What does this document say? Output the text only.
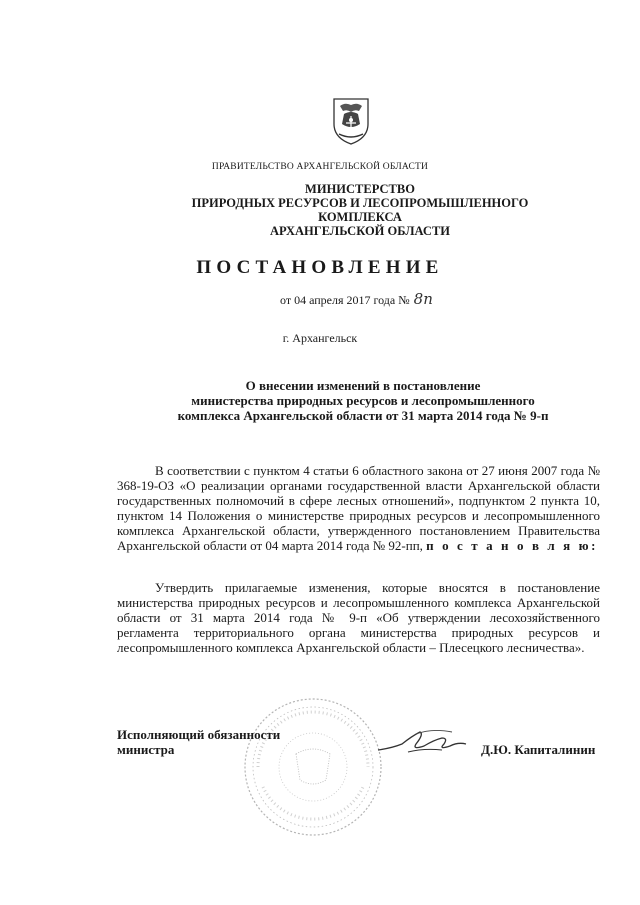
ПРАВИТЕЛЬСТВО АРХАНГЕЛЬСКОЙ ОБЛАСТИ
МИНИСТЕРСТВО
ПРИРОДНЫХ РЕСУРСОВ И ЛЕСОПРОМЫШЛЕННОГО КОМПЛЕКСА
АРХАНГЕЛЬСКОЙ ОБЛАСТИ
ПОСТАНОВЛЕНИЕ
от 04 апреля 2017 года № 8п
г. Архангельск
О внесении изменений в постановление
министерства природных ресурсов и лесопромышленного
комплекса Архангельской области от 31 марта 2014 года № 9-п
В соответствии с пунктом 4 статьи 6 областного закона от 27 июня 2007 года № 368-19-ОЗ «О реализации органами государственной власти Архангельской области государственных полномочий в сфере лесных отношений», подпунктом 2 пункта 10, пунктом 14 Положения о министерстве природных ресурсов и лесопромышленного комплекса Архангельской области, утвержденного постановлением Правительства Архангельской области от 04 марта 2014 года № 92-пп, п о с т а н о в л я ю:
Утвердить прилагаемые изменения, которые вносятся в постановление министерства природных ресурсов и лесопромышленного комплекса Архангельской области от 31 марта 2014 года № 9-п «Об утверждении лесохозяйственного регламента территориального органа министерства природных ресурсов и лесопромышленного комплекса Архангельской области – Плесецкого лесничества».
Исполняющий обязанности
министра	Д.Ю. Капиталинин
